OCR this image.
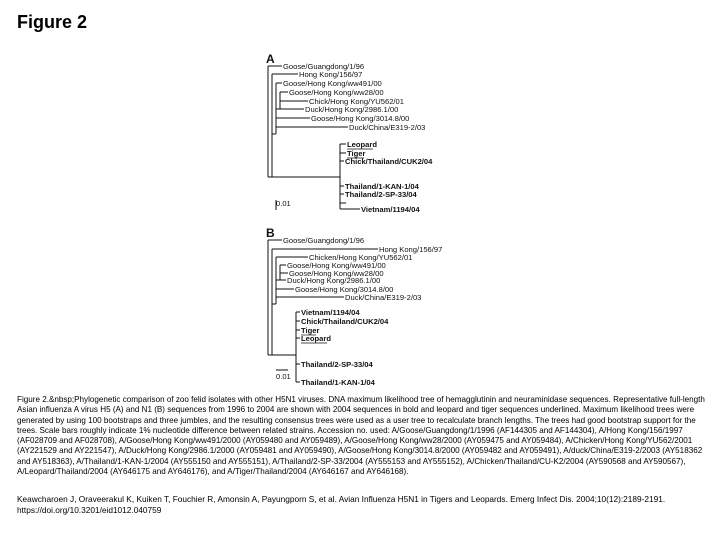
Figure 2
A
Goose/Guangdong/1/96
Hong Kong/156/97
Goose/Hong Kong/ww491/00
Goose/Hong Kong/ww28/00
Chick/Hong Kong/YU562/01
Duck/Hong Kong/2986.1/00
Goose/Hong Kong/3014.8/00
Duck/China/E319-2/03
Leopard
Tiger
Chick/Thailand/CUK2/04
Thailand/1-KAN-1/04
Thailand/2-SP-33/04
Vietnam/1194/04
0.01
B
Goose/Guangdong/1/96
Hong Kong/156/97
Chicken/Hong Kong/YU562/01
Goose/Hong Kong/ww491/00
Goose/Hong Kong/ww28/00
Duck/Hong Kong/2986.1/00
Goose/Hong Kong/3014.8/00
Duck/China/E319-2/03
Vietnam/1194/04
Chick/Thailand/CUK2/04
Tiger
Leopard
Thailand/2-SP-33/04
Thailand/1-KAN-1/04
0.01
Figure 2.&nbsp;Phylogenetic comparison of zoo felid isolates with other H5N1 viruses. DNA maximum likelihood tree of hemagglutinin and neuraminidase sequences. Representative full-length Asian influenza A virus H5 (A) and N1 (B) sequences from 1996 to 2004 are shown with 2004 sequences in bold and leopard and tiger sequences underlined. Maximum likelihood trees were generated by using 100 bootstraps and three jumbles, and the resulting consensus trees were used as a user tree to recalculate branch lengths. The trees had good bootstrap support for the trees. Scale bars roughly indicate 1% nucleotide difference between related strains. Accession no. used: A/Goose/Guangdong/1/1996 (AF144305 and AF144304), A/Hong Kong/156/1997 (AF028709 and AF028708), A/Goose/Hong Kong/ww491/2000 (AY059480 and AY059489), A/Goose/Hong Kong/ww28/2000 (AY059475 and AY059484), A/Chicken/Hong Kong/YU562/2001 (AY221529 and AY221547), A/Duck/Hong Kong/2986.1/2000 (AY059481 and AY059490), A/Goose/Hong Kong/3014.8/2000 (AY059482 and AY059491), A/duck/China/E319-2/2003 (AY518362 and AY518363), A/Thailand/1-KAN-1/2004 (AY555150 and AY555151), A/Thailand/2-SP-33/2004 (AY555153 and AY555152), A/Chicken/Thailand/CU-K2/2004 (AY590568 and AY590567), A/Leopard/Thailand/2004 (AY646175 and AY646176), and A/Tiger/Thailand/2004 (AY646167 and AY646168).
Keawcharoen J, Oraveerakul K, Kuiken T, Fouchier R, Amonsin A, Payungporn S, et al. Avian Influenza H5N1 in Tigers and Leopards. Emerg Infect Dis. 2004;10(12):2189-2191. https://doi.org/10.3201/eid1012.040759
